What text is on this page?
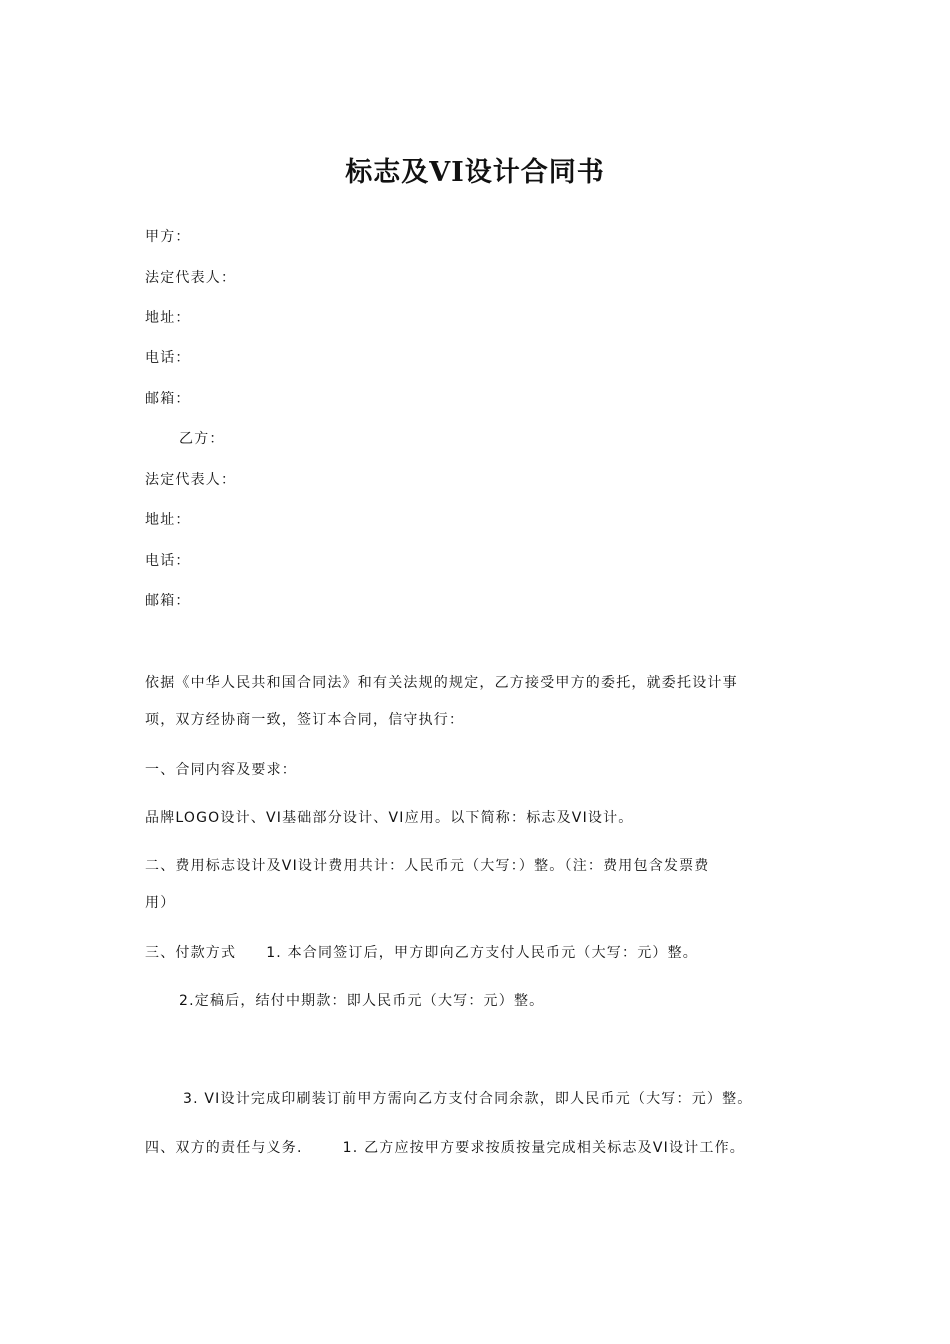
标志及VI设计合同书
甲方：
法定代表人：
地址：
电话：
邮箱：
乙方：
法定代表人：
地址：
电话：
邮箱：
依据《中华人民共和国合同法》和有关法规的规定，乙方接受甲方的委托，就委托设计事
项，双方经协商一致，签订本合同，信守执行：
一、合同内容及要求：
品牌LOGO设计、VI基础部分设计、VI应用。以下简称：标志及VI设计。
二、费用标志设计及VI设计费用共计：人民币元（大写：）整。（注：费用包含发票费
用）
三、付款方式 1. 本合同签订后，甲方即向乙方支付人民币元（大写：元）整。
2.定稿后，结付中期款：即人民币元（大写：元）整。
3. VI设计完成印刷装订前甲方需向乙方支付合同余款，即人民币元（大写：元）整。
四、双方的责任与义务.	1. 乙方应按甲方要求按质按量完成相关标志及VI设计工作。
